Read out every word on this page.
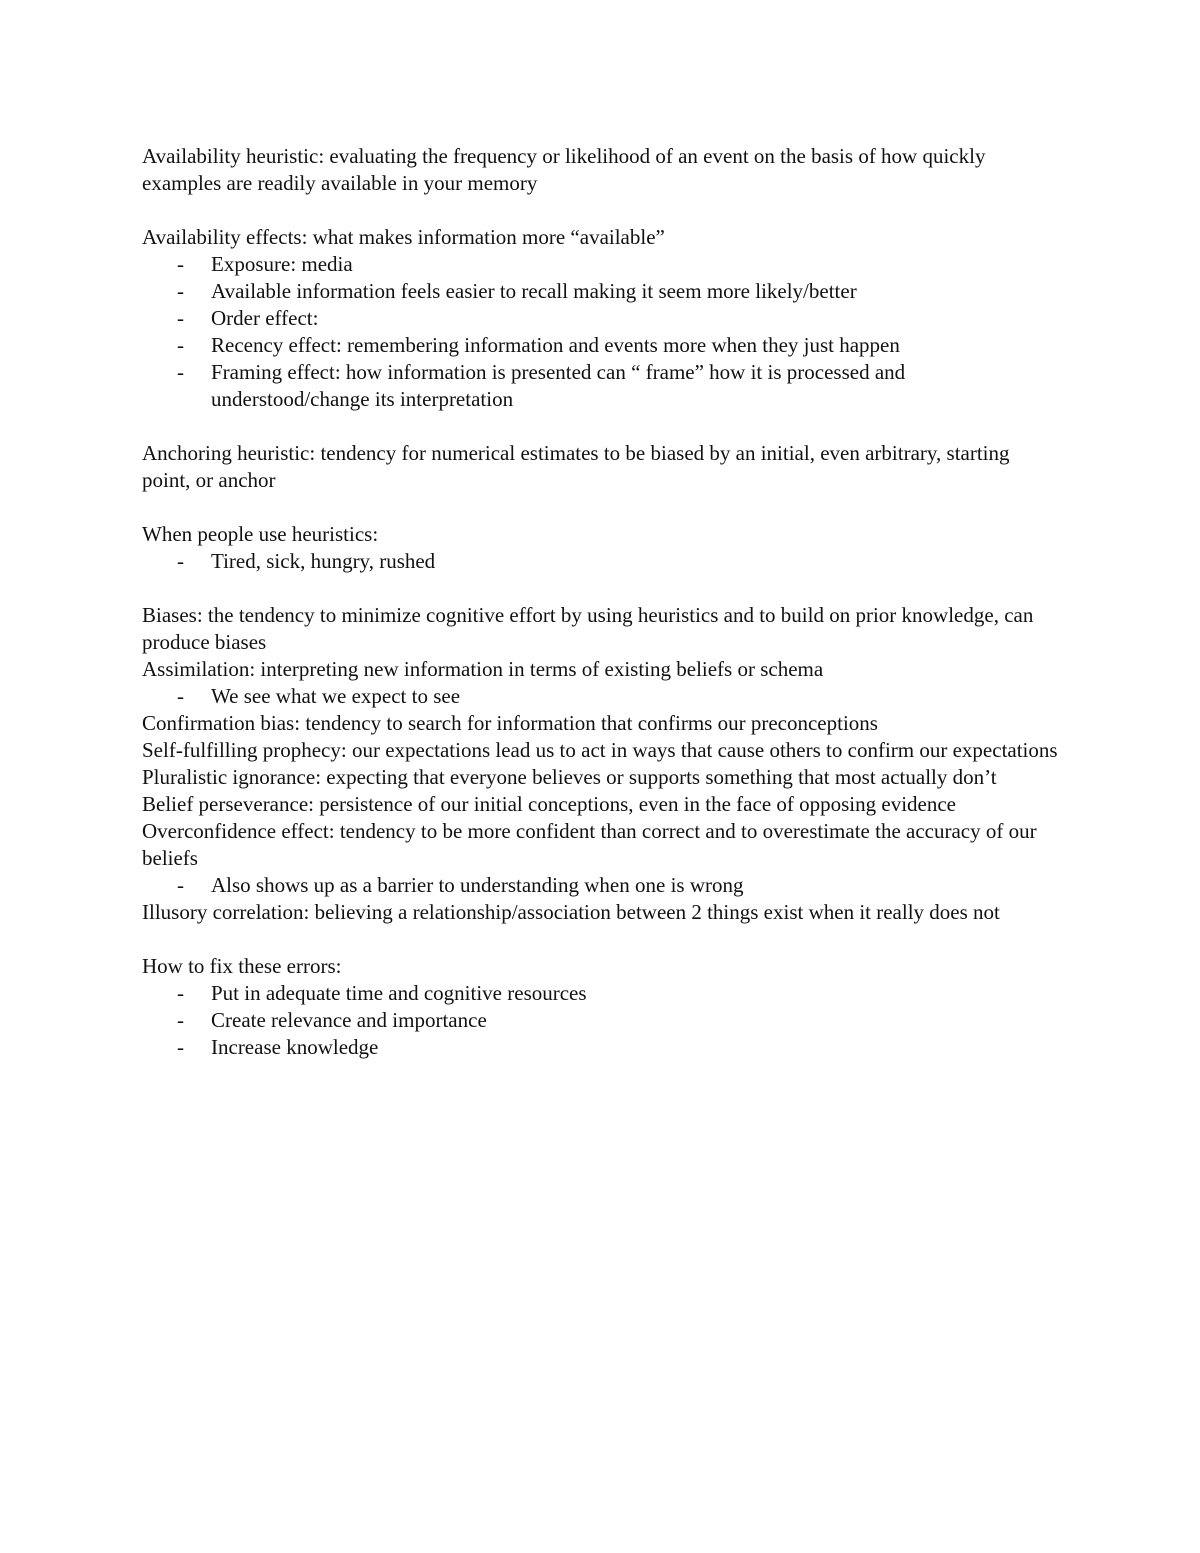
Availability heuristic: evaluating the frequency or likelihood of an event on the basis of how quickly examples are readily available in your memory

Availability effects: what makes information more “available”

- Exposure: media
- Available information feels easier to recall making it seem more likely/better
- Order effect:
- Recency effect: remembering information and events more when they just happen
- Framing effect: how information is presented can “ frame” how it is processed and understood/change its interpretation

Anchoring heuristic: tendency for numerical estimates to be biased by an initial, even arbitrary, starting point, or anchor

When people use heuristics:

- Tired, sick, hungry, rushed

Biases: the tendency to minimize cognitive effort by using heuristics and to build on prior knowledge, can produce biases

Assimilation: interpreting new information in terms of existing beliefs or schema

- We see what we expect to see

Confirmation bias: tendency to search for information that confirms our preconceptions

Self-fulfilling prophecy: our expectations lead us to act in ways that cause others to confirm our expectations

Pluralistic ignorance: expecting that everyone believes or supports something that most actually don’t

Belief perseverance: persistence of our initial conceptions, even in the face of opposing evidence

Overconfidence effect: tendency to be more confident than correct and to overestimate the accuracy of our beliefs

- Also shows up as a barrier to understanding when one is wrong

Illusory correlation: believing a relationship/association between 2 things exist when it really does not

How to fix these errors:

- Put in adequate time and cognitive resources
- Create relevance and importance
- Increase knowledge
